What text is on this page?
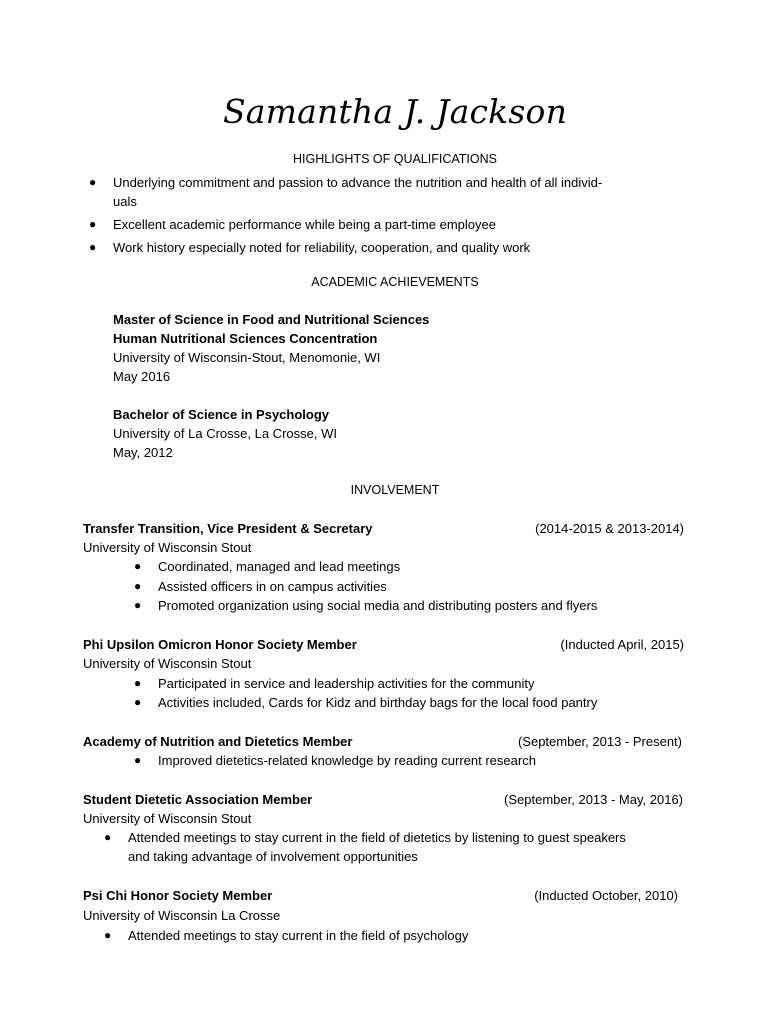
Samantha J. Jackson
HIGHLIGHTS OF QUALIFICATIONS
● Underlying commitment and passion to advance the nutrition and health of all individ-
uals
● Excellent academic performance while being a part-time employee
● Work history especially noted for reliability, cooperation, and quality work
ACADEMIC ACHIEVEMENTS
Master of Science in Food and Nutritional Sciences
Human Nutritional Sciences Concentration
University of Wisconsin-Stout, Menomonie, WI
May 2016
Bachelor of Science in Psychology
University of La Crosse, La Crosse, WI
May, 2012
INVOLVEMENT
Transfer Transition, Vice President & Secretary	(2014-2015 & 2013-2014)
University of Wisconsin Stout
● Coordinated, managed and lead meetings
● Assisted officers in on campus activities
● Promoted organization using social media and distributing posters and flyers
Phi Upsilon Omicron Honor Society Member	(Inducted April, 2015)
University of Wisconsin Stout
● Participated in service and leadership activities for the community
● Activities included, Cards for Kidz and birthday bags for the local food pantry
Academy of Nutrition and Dietetics Member	(September, 2013 - Present)
● Improved dietetics-related knowledge by reading current research
Student Dietetic Association Member	(September, 2013 - May, 2016)
University of Wisconsin Stout
● Attended meetings to stay current in the field of dietetics by listening to guest speakers
and taking advantage of involvement opportunities
Psi Chi Honor Society Member	(Inducted October, 2010)
University of Wisconsin La Crosse
● Attended meetings to stay current in the field of psychology
